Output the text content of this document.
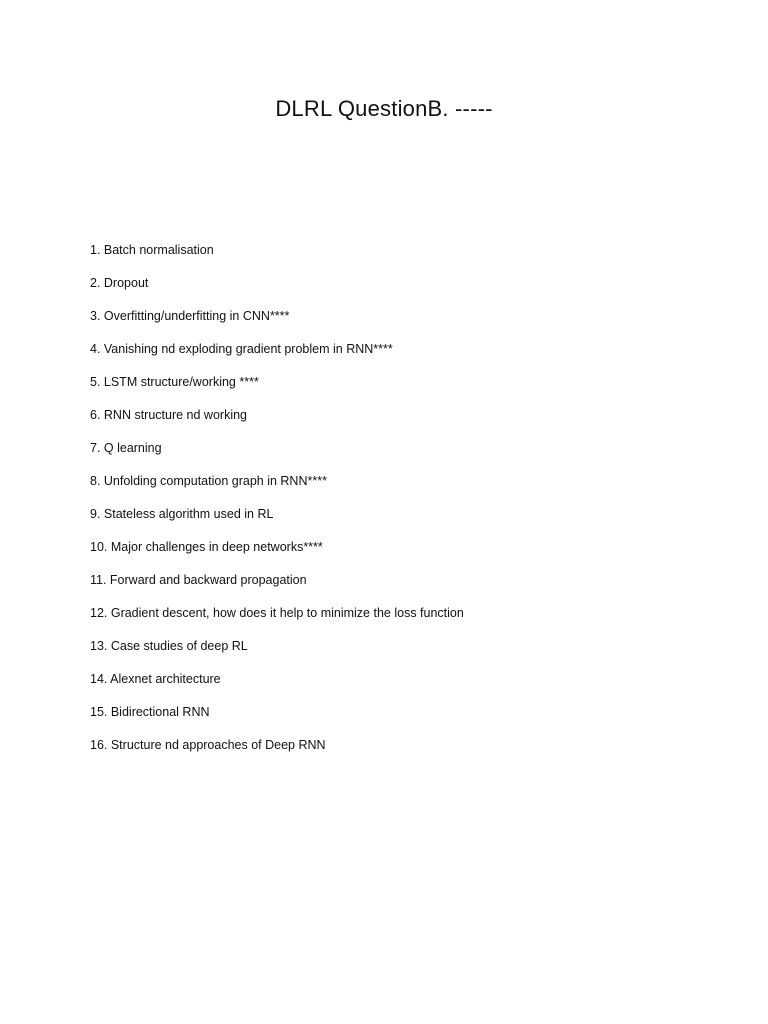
DLRL QuestionB. -----
1. Batch normalisation
2. Dropout
3. Overfitting/underfitting in CNN****
4. Vanishing nd exploding gradient problem in RNN****
5. LSTM structure/working ****
6. RNN structure nd working
7. Q learning
8. Unfolding computation graph in RNN****
9. Stateless algorithm used in RL
10. Major challenges in deep networks****
11. Forward and backward propagation
12. Gradient descent, how does it help to minimize the loss function
13. Case studies of deep RL
14. Alexnet architecture
15. Bidirectional RNN
16. Structure nd approaches of Deep RNN
